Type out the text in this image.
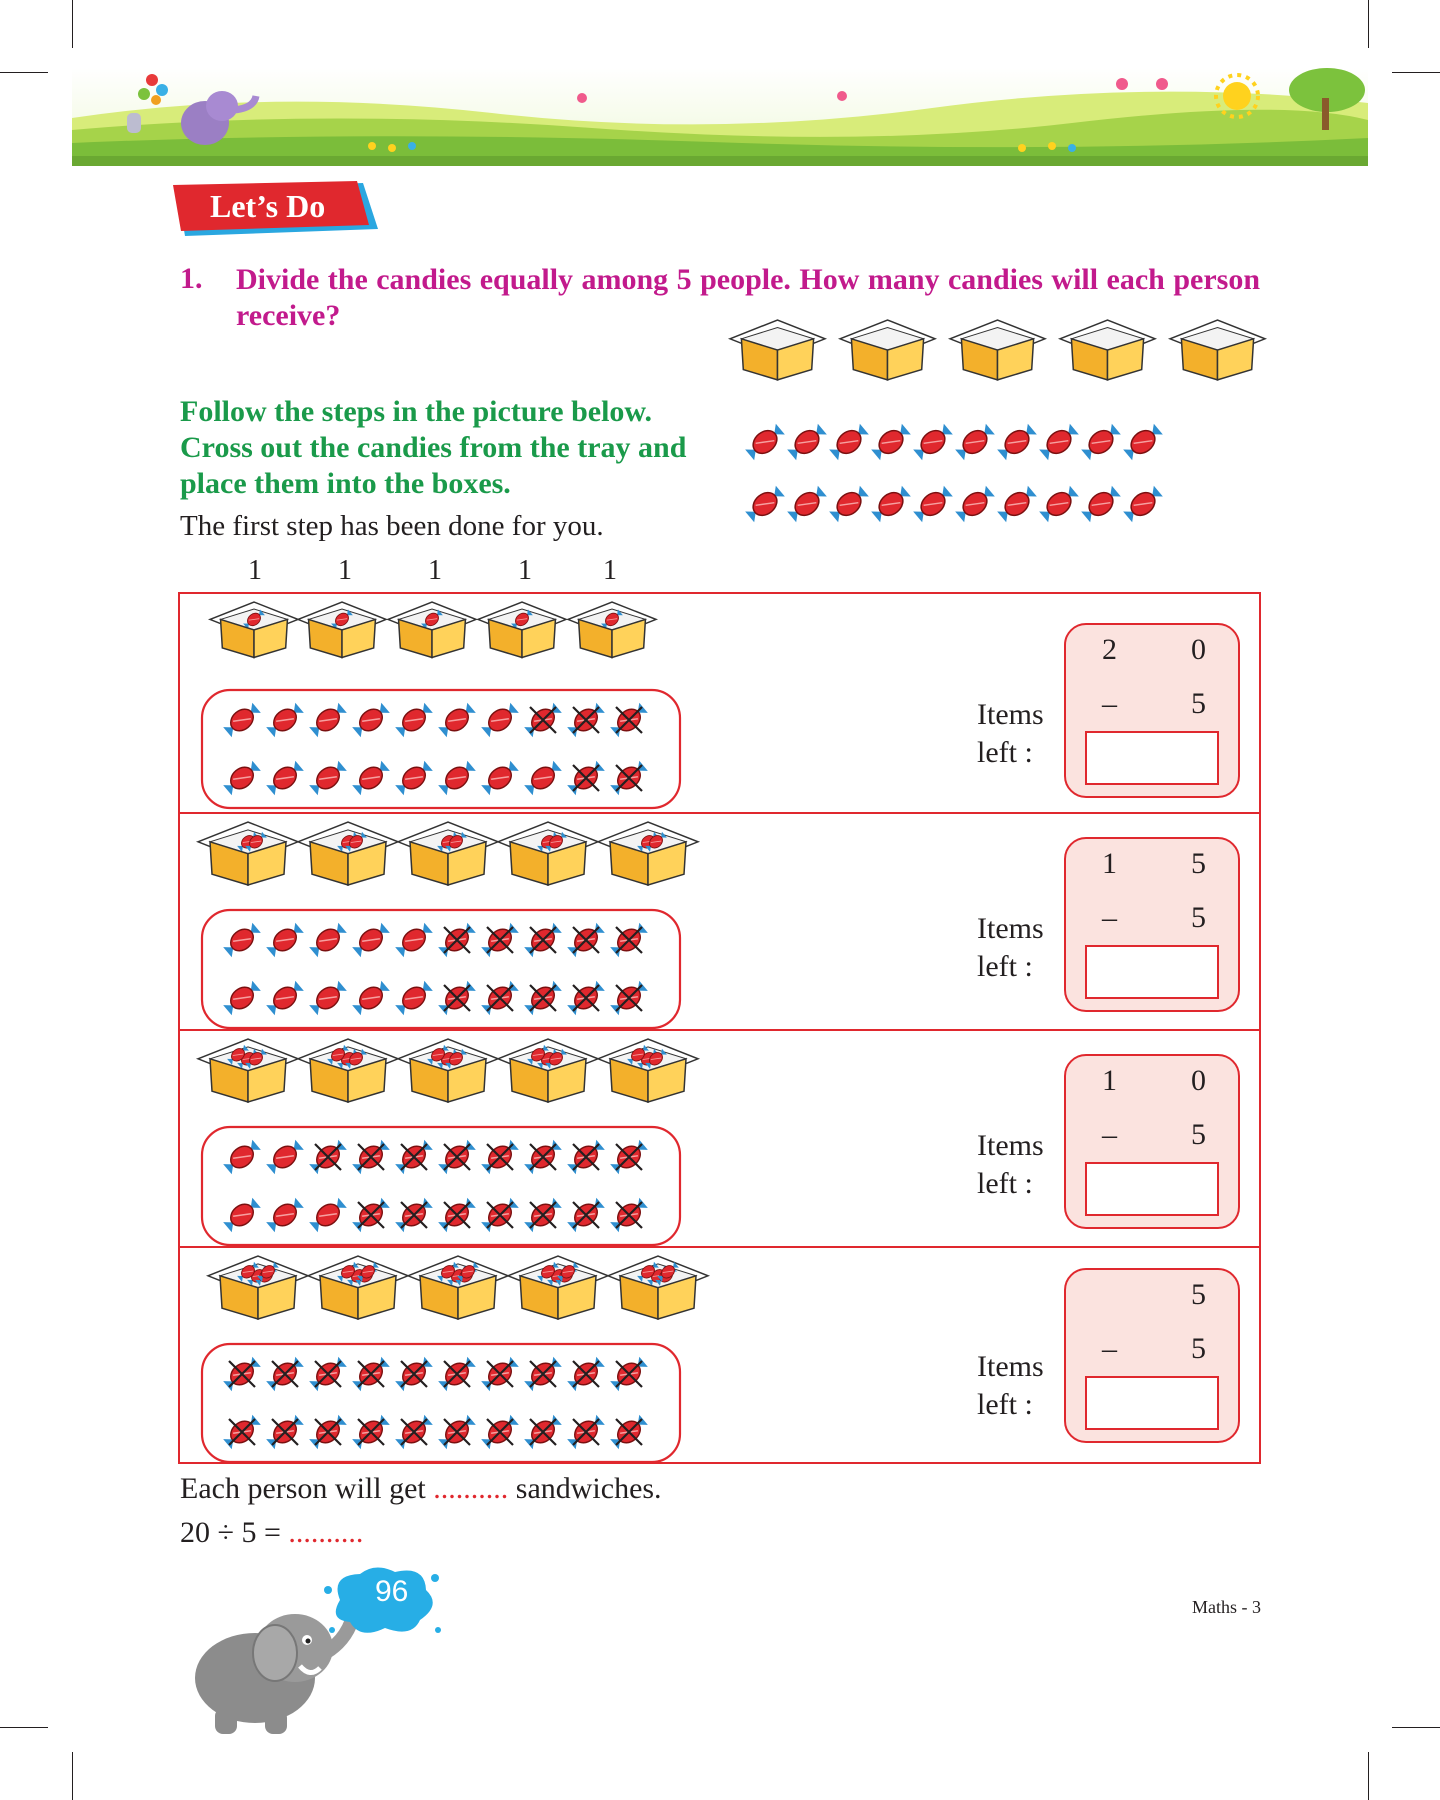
Let’s Do
1. Divide the candies equally among 5 people. How many candies will each person receive?
Follow the steps in the picture below. Cross out the candies from the tray and place them into the boxes.
The first step has been done for you.
1	1	1	1	1
Items
left :
2 0
– 5
Items
left :
1 5
– 5
Items
left :
1 0
– 5
Items
left :
5
– 5
Each person will get .......... sandwiches.
20 ÷ 5 = ..........
96	Maths - 3
